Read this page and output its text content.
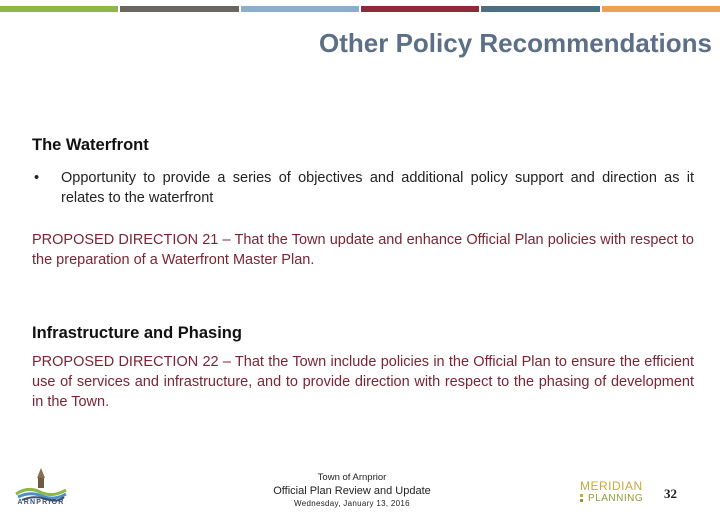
Other Policy Recommendations

The Waterfront

•	Opportunity to provide a series of objectives and additional policy support and direction as it relates to the waterfront

PROPOSED DIRECTION 21 – That the Town update and enhance Official Plan policies with respect to the preparation of a Waterfront Master Plan.

Infrastructure and Phasing

PROPOSED DIRECTION 22 – That the Town include policies in the Official Plan to ensure the efficient use of services and infrastructure, and to provide direction with respect to the phasing of development in the Town.

ARNPRIOR
Town of Arnprior
Official Plan Review and Update
Wednesday, January 13, 2016
MERIDIAN
PLANNING 32
